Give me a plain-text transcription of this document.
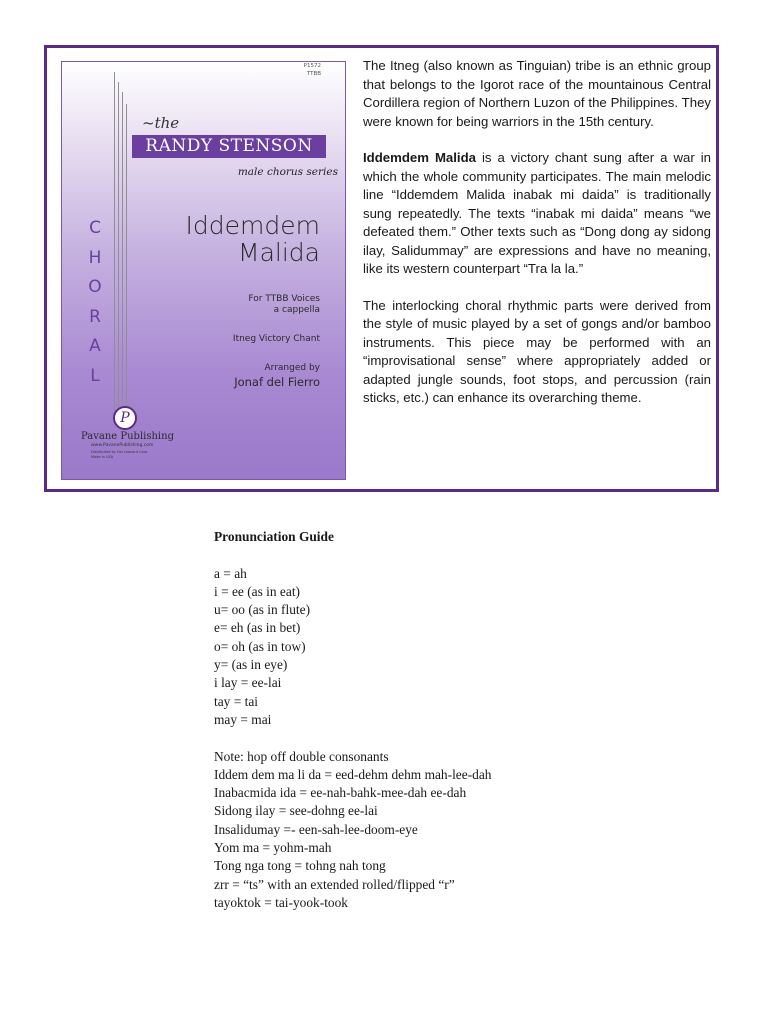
P1572
TTBB
~the
RANDY STENSON
male chorus series
C
H
O
R
A
L
Iddemdem
Malida
For TTBB Voices
a cappella
Itneg Victory Chant
Arranged by
Jonaf del Fierro
P
Pavane Publishing
www.PavanePublishing.com
Distributed by Hal Leonard Corp.
Made in USA

The Itneg (also known as Tinguian) tribe is an ethnic group that belongs to the Igorot race of the mountainous Central Cordillera region of Northern Luzon of the Philippines. They were known for being warriors in the 15th century.

Iddemdem Malida is a victory chant sung after a war in which the whole community participates. The main melodic line “Iddemdem Malida inabak mi daida” is traditionally sung repeatedly. The texts “inabak mi daida” means “we defeated them.” Other texts such as “Dong dong ay sidong ilay, Salidummay” are expressions and have no meaning, like its western counterpart “Tra la la.”

The interlocking choral rhythmic parts were derived from the style of music played by a set of gongs and/or bamboo instruments. This piece may be performed with an “improvisational sense” where appropriately added or adapted jungle sounds, foot stops, and percussion (rain sticks, etc.) can enhance its overarching theme.

Pronunciation Guide
a = ah
i = ee (as in eat)
u= oo (as in flute)
e= eh (as in bet)
o= oh (as in tow)
y= (as in eye)
i lay = ee-lai
tay = tai
may = mai
Note: hop off double consonants
Iddem dem ma li da = eed-dehm dehm mah-lee-dah
Inabacmida ida = ee-nah-bahk-mee-dah ee-dah
Sidong ilay = see-dohng ee-lai
Insalidumay =- een-sah-lee-doom-eye
Yom ma = yohm-mah
Tong nga tong = tohng nah tong
zrr = “ts” with an extended rolled/flipped “r”
tayoktok = tai-yook-took
